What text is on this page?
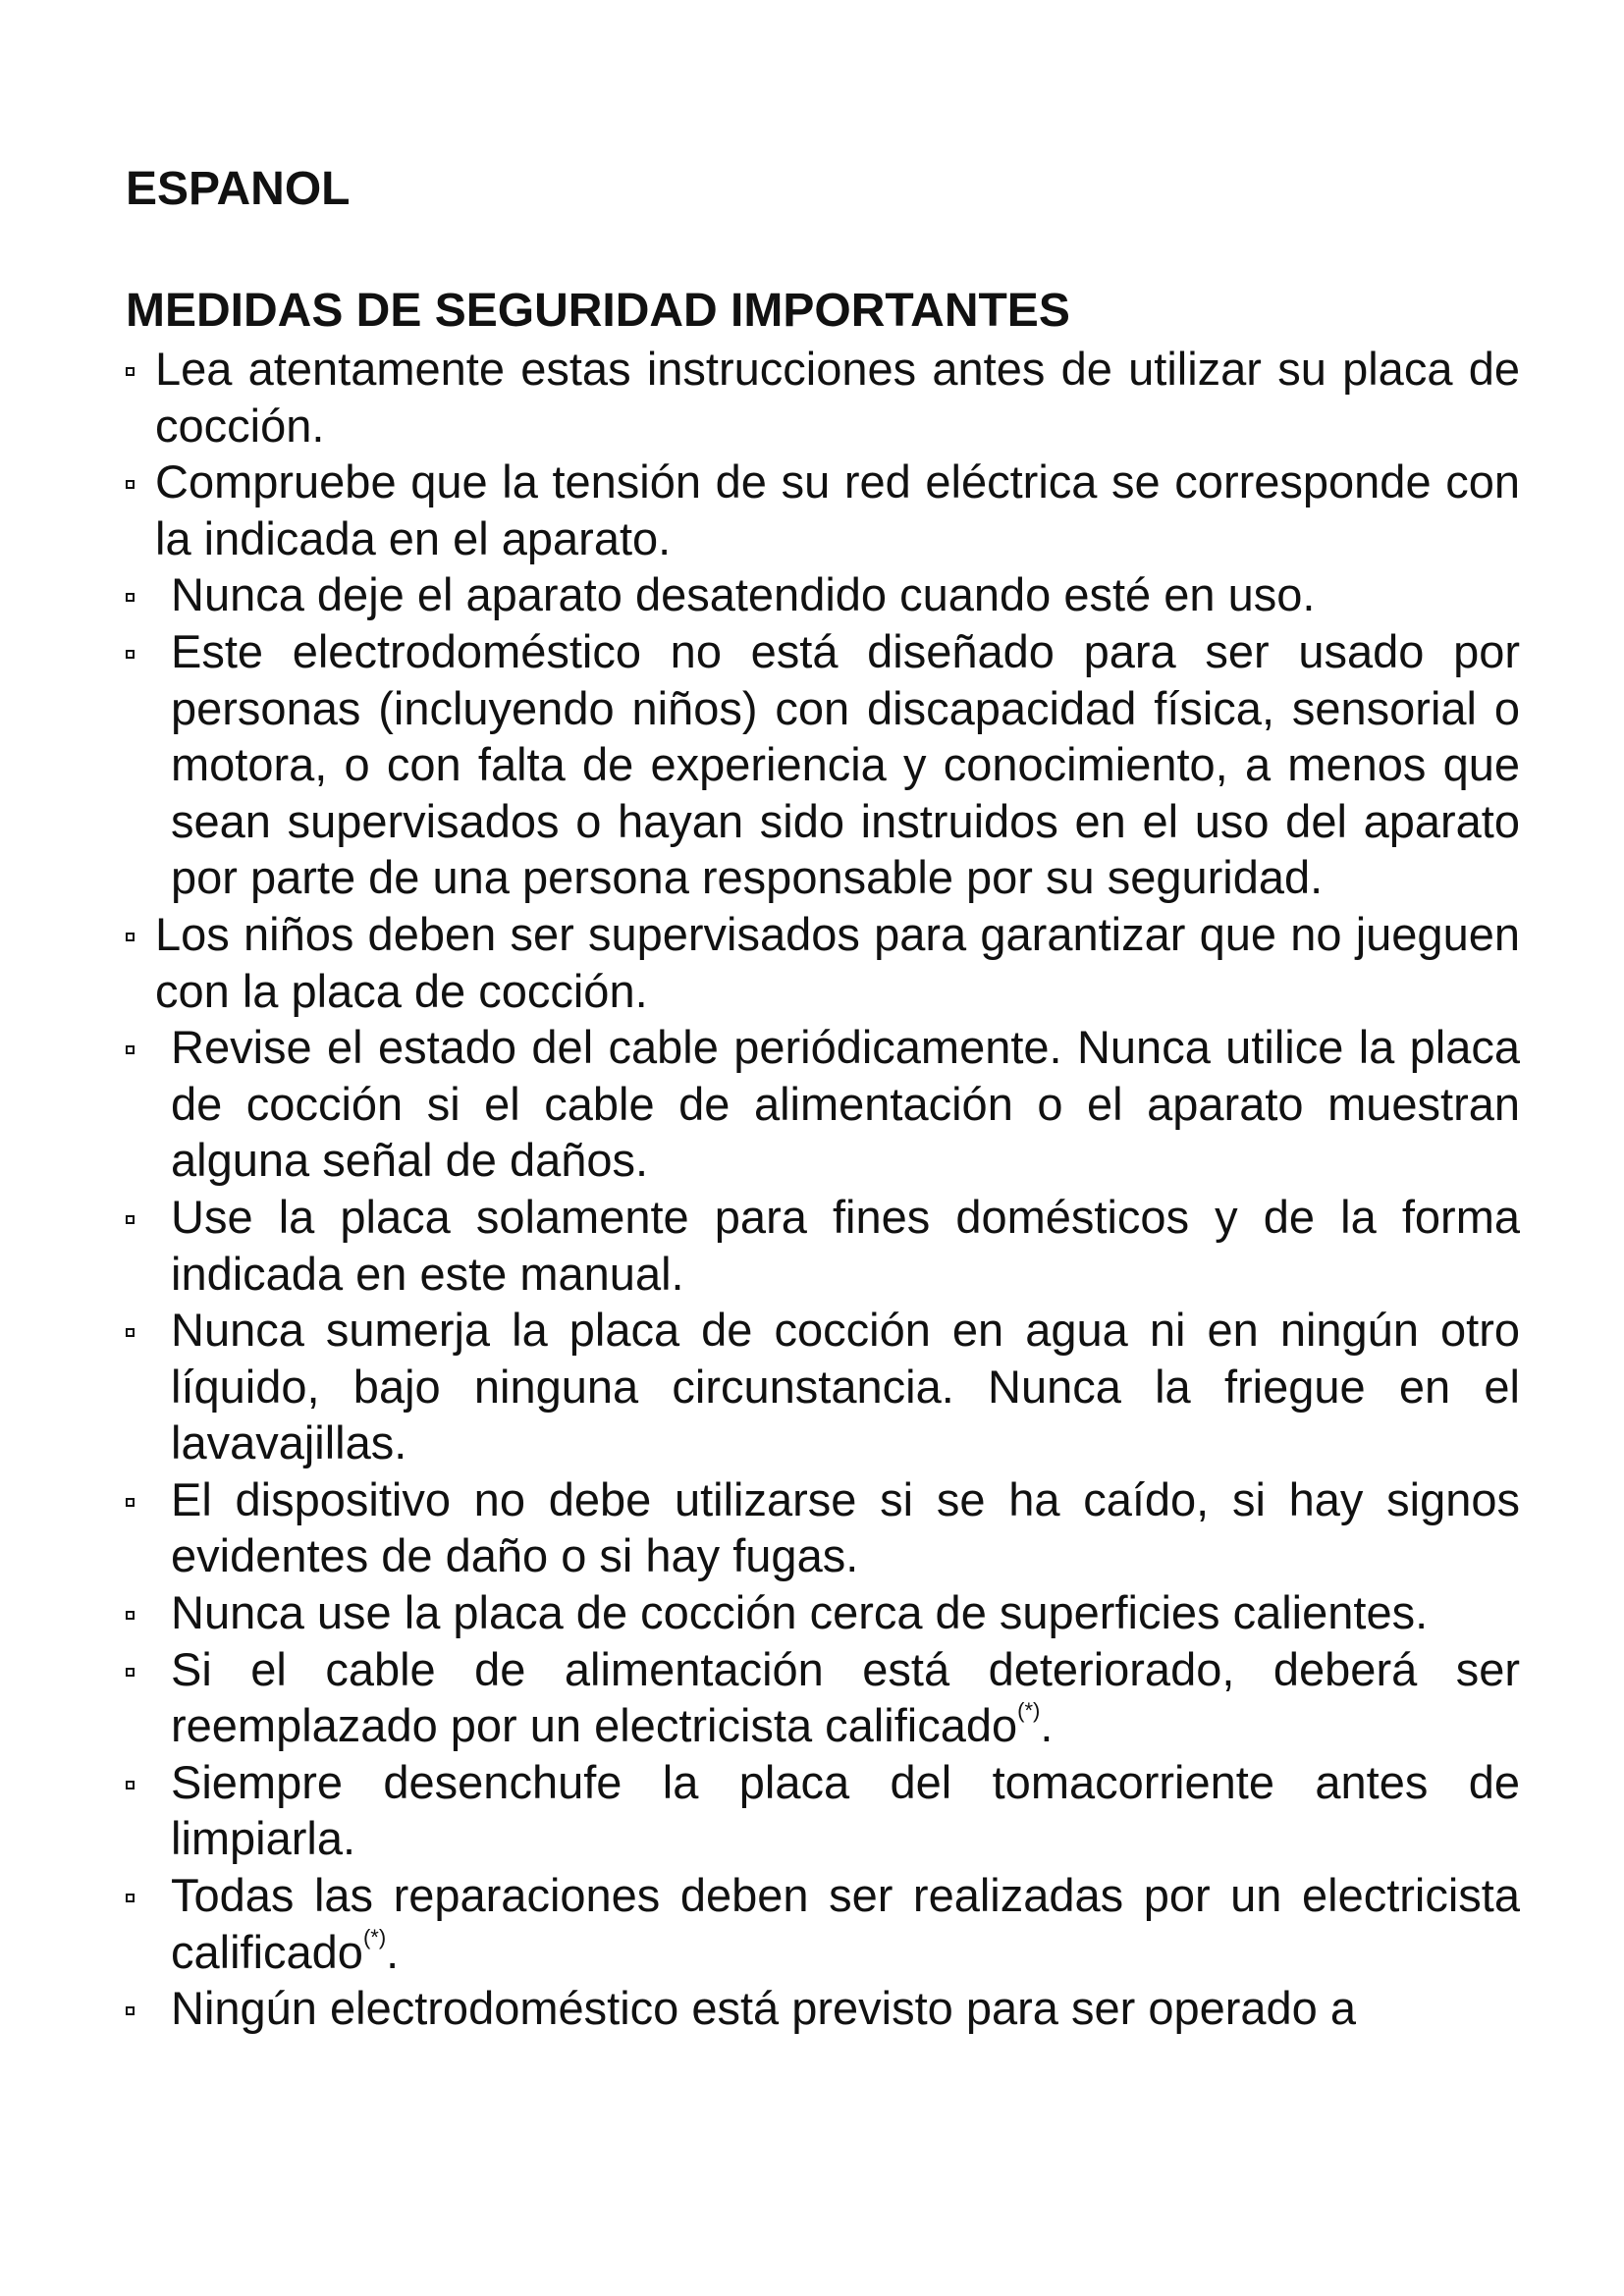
ESPANOL
MEDIDAS DE SEGURIDAD IMPORTANTES
Lea atentamente estas instrucciones antes de utilizar su placa de cocción.
Compruebe que la tensión de su red eléctrica se corresponde con la indicada en el aparato.
Nunca deje el aparato desatendido cuando esté en uso.
Este electrodoméstico no está diseñado para ser usado por personas (incluyendo niños) con discapacidad física, sensorial o motora, o con falta de experiencia y conocimiento, a menos que sean supervisados o hayan sido instruidos en el uso del aparato por parte de una persona responsable por su seguridad.
Los niños deben ser supervisados para garantizar que no jueguen con la placa de cocción.
Revise el estado del cable periódicamente. Nunca utilice la placa de cocción si el cable de alimentación o el aparato muestran alguna señal de daños.
Use la placa solamente para fines domésticos y de la forma indicada en este manual.
Nunca sumerja la placa de cocción en agua ni en ningún otro líquido, bajo ninguna circunstancia. Nunca la friegue en el lavavajillas.
El dispositivo no debe utilizarse si se ha caído, si hay signos evidentes de daño o si hay fugas.
Nunca use la placa de cocción cerca de superficies calientes.
Si el cable de alimentación está deteriorado, deberá ser reemplazado por un electricista calificado(*).
Siempre desenchufe la placa del tomacorriente antes de limpiarla.
Todas las reparaciones deben ser realizadas por un electricista calificado(*).
Ningún electrodoméstico está previsto para ser operado a
